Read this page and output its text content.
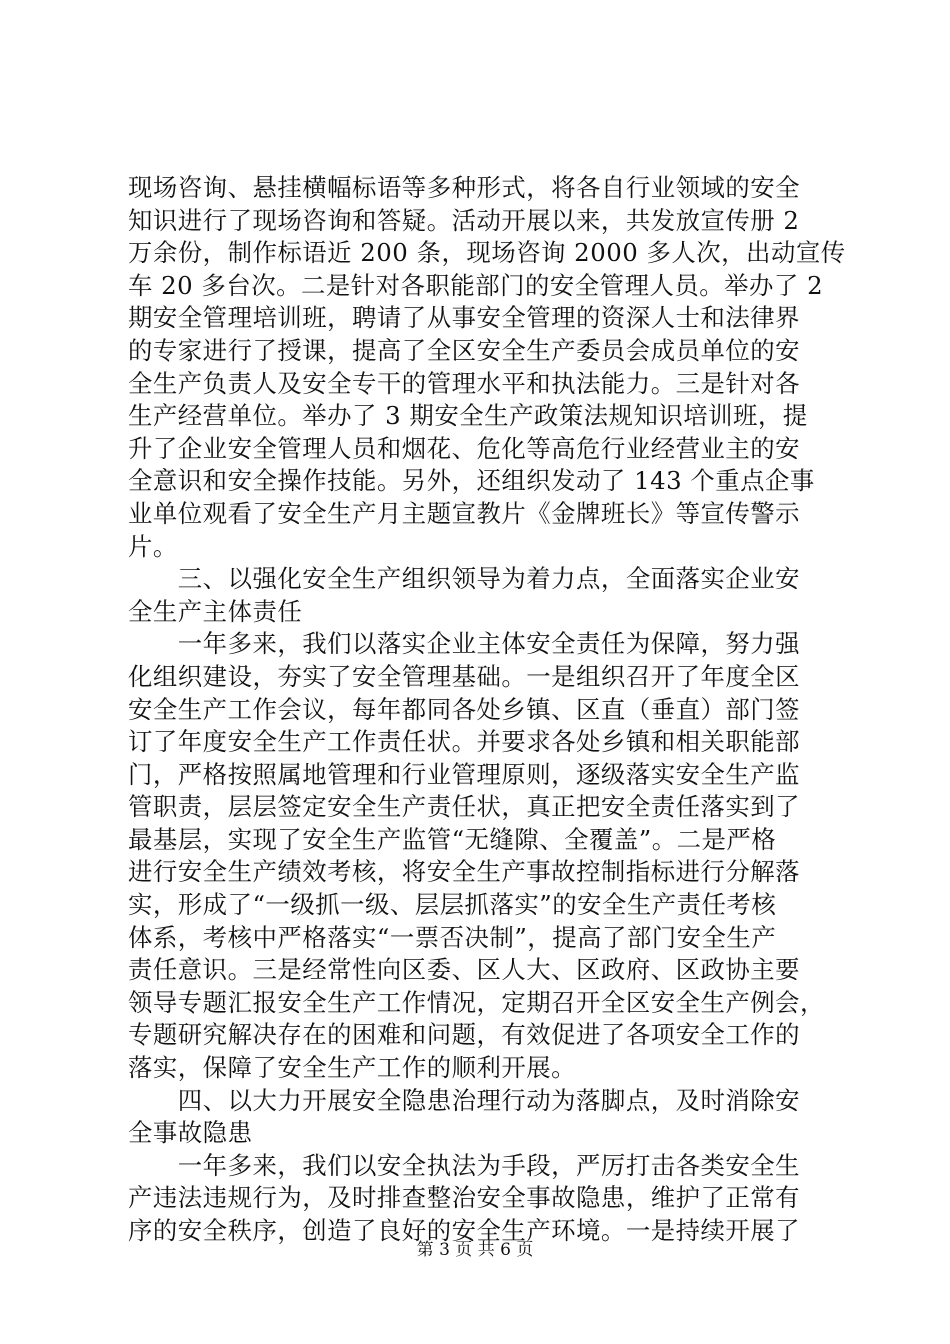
现场咨询、悬挂横幅标语等多种形式，将各自行业领域的安全
知识进行了现场咨询和答疑。活动开展以来，共发放宣传册 2
万余份，制作标语近 200 条，现场咨询 2000 多人次，出动宣传
车 20 多台次。二是针对各职能部门的安全管理人员。举办了 2
期安全管理培训班，聘请了从事安全管理的资深人士和法律界
的专家进行了授课，提高了全区安全生产委员会成员单位的安
全生产负责人及安全专干的管理水平和执法能力。三是针对各
生产经营单位。举办了 3 期安全生产政策法规知识培训班，提
升了企业安全管理人员和烟花、危化等高危行业经营业主的安
全意识和安全操作技能。另外，还组织发动了 143 个重点企事
业单位观看了安全生产月主题宣教片《金牌班长》等宣传警示
片。
　　三、以强化安全生产组织领导为着力点，全面落实企业安
全生产主体责任
　　一年多来，我们以落实企业主体安全责任为保障，努力强
化组织建设，夯实了安全管理基础。一是组织召开了年度全区
安全生产工作会议，每年都同各处乡镇、区直（垂直）部门签
订了年度安全生产工作责任状。并要求各处乡镇和相关职能部
门，严格按照属地管理和行业管理原则，逐级落实安全生产监
管职责，层层签定安全生产责任状，真正把安全责任落实到了
最基层，实现了安全生产监管“无缝隙、全覆盖”。二是严格
进行安全生产绩效考核，将安全生产事故控制指标进行分解落
实，形成了“一级抓一级、层层抓落实”的安全生产责任考核
体系，考核中严格落实“一票否决制”，提高了部门安全生产
责任意识。三是经常性向区委、区人大、区政府、区政协主要
领导专题汇报安全生产工作情况，定期召开全区安全生产例会，
专题研究解决存在的困难和问题，有效促进了各项安全工作的
落实，保障了安全生产工作的顺利开展。
　　四、以大力开展安全隐患治理行动为落脚点，及时消除安
全事故隐患
　　一年多来，我们以安全执法为手段，严厉打击各类安全生
产违法违规行为，及时排查整治安全事故隐患，维护了正常有
序的安全秩序，创造了良好的安全生产环境。一是持续开展了
第 3 页 共 6 页
